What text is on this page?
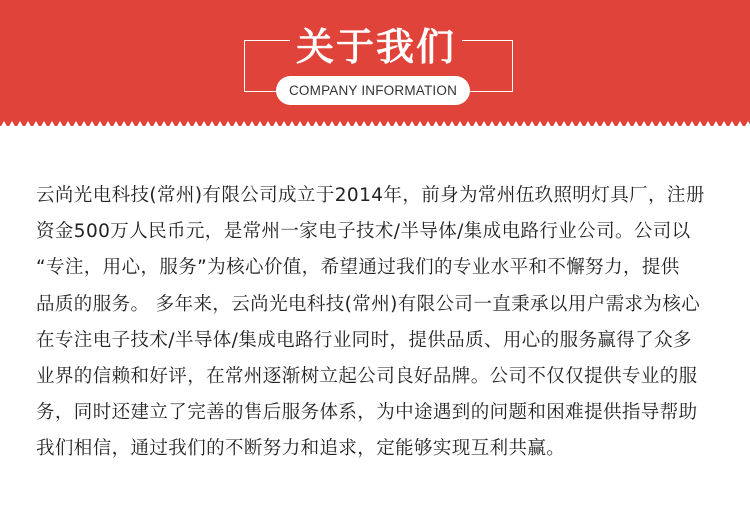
关于我们
COMPANY INFORMATION
云尚光电科技(常州)有限公司成立于2014年，前身为常州伍玖照明灯具厂，注册
资金500万人民币元，是常州一家电子技术/半导体/集成电路行业公司。公司以
“专注，用心，服务”为核心价值，希望通过我们的专业水平和不懈努力，提供
品质的服务。 多年来，云尚光电科技(常州)有限公司一直秉承以用户需求为核心
在专注电子技术/半导体/集成电路行业同时，提供品质、用心的服务赢得了众多
业界的信赖和好评，在常州逐渐树立起公司良好品牌。公司不仅仅提供专业的服
务，同时还建立了完善的售后服务体系，为中途遇到的问题和困难提供指导帮助
我们相信，通过我们的不断努力和追求，定能够实现互利共赢。
